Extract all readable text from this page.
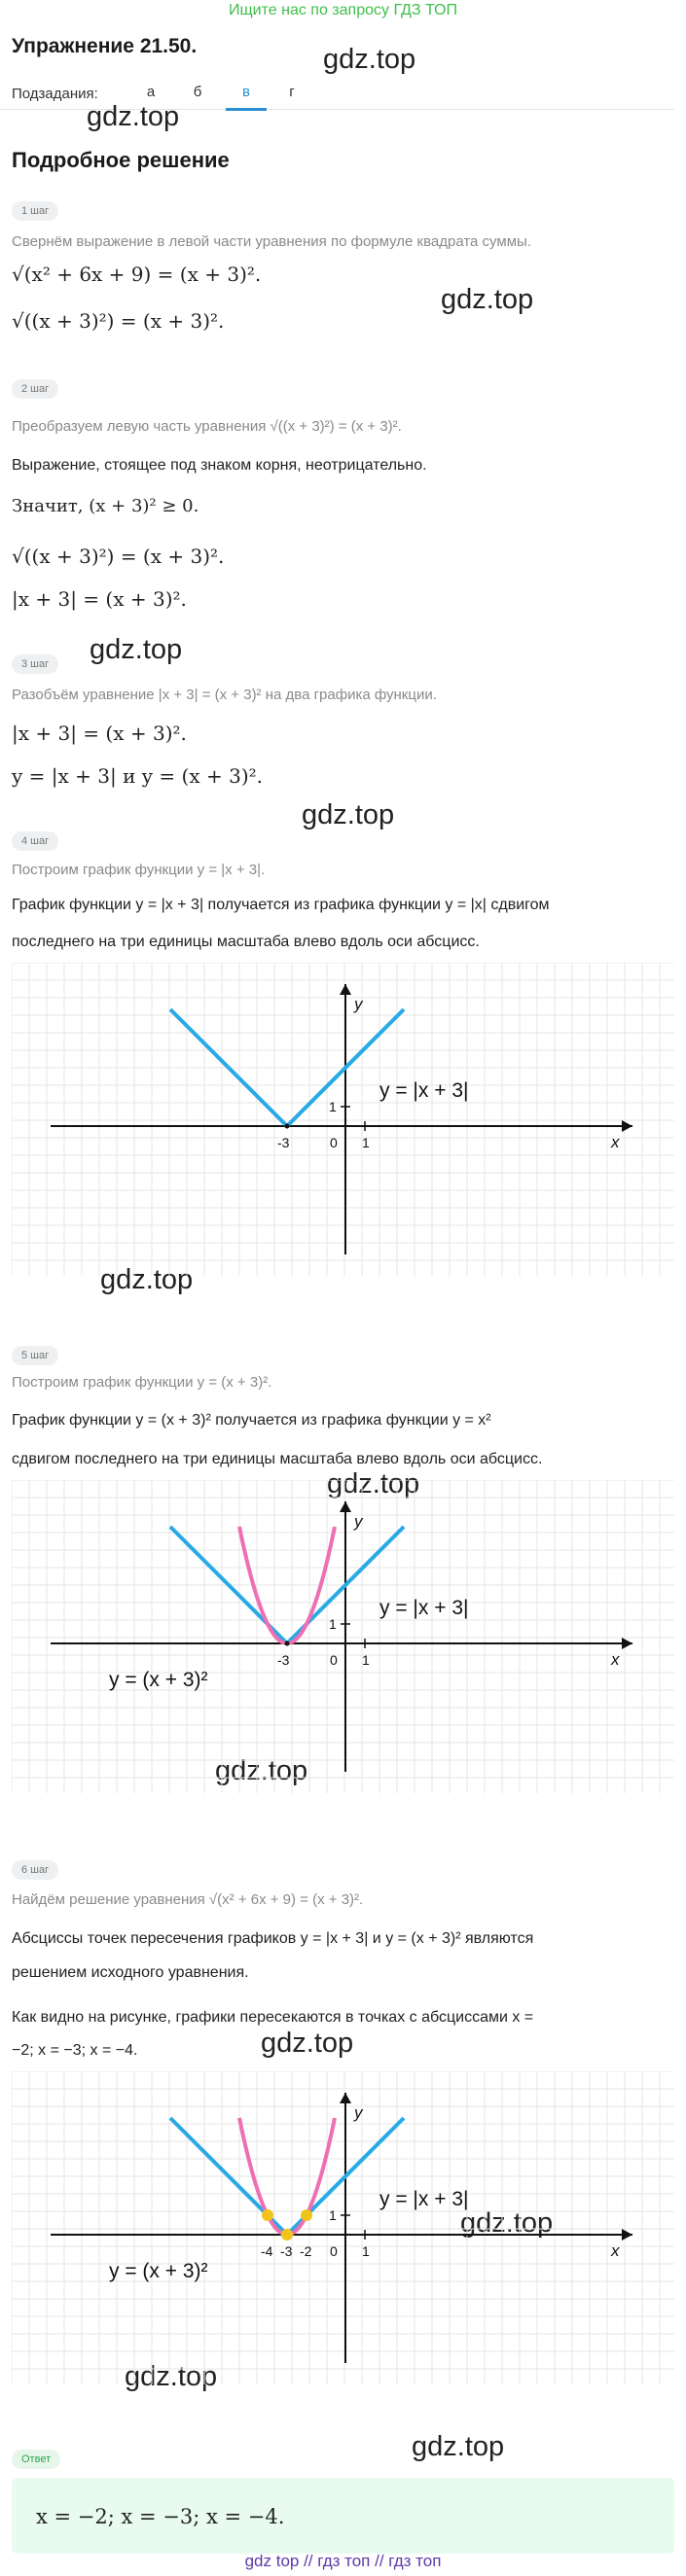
Ищите нас по запросу ГДЗ ТОП
Упражнение 21.50.
Подзадания:	а	б	в	г
Подробное решение
gdz.top
gdz.top
gdz.top
gdz.top
gdz.top
gdz.top
gdz.top
gdz.top
gdz.top
gdz.top
gdz.top
gdz.top
1 шаг
Свернём выражение в левой части уравнения по формуле квадрата суммы.
√(x² + 6x + 9) = (x + 3)².
√((x + 3)²) = (x + 3)².
2 шаг
Преобразуем левую часть уравнения √((x + 3)²) = (x + 3)².
Выражение, стоящее под знаком корня, неотрицательно.
Значит, (x + 3)² ≥ 0.
√((x + 3)²) = (x + 3)².
|x + 3| = (x + 3)².
3 шаг
Разобъём уравнение |x + 3| = (x + 3)² на два графика функции.
|x + 3| = (x + 3)².
y = |x + 3| и y = (x + 3)².
4 шаг
Построим график функции y = |x + 3|.
График функции y = |x + 3| получается из графика функции y = |x| сдвигом
последнего на три единицы масштаба влево вдоль оси абсцисс.
x
y
1
1
0
y = |x + 3|
-3
5 шаг
Построим график функции y = (x + 3)².
График функции y = (x + 3)² получается из графика функции y = x²
сдвигом последнего на три единицы масштаба влево вдоль оси абсцисс.
x
y
1
1
0
y = |x + 3|
y = (x + 3)²
-3
6 шаг
Найдём решение уравнения √(x² + 6x + 9) = (x + 3)².
Абсциссы точек пересечения графиков y = |x + 3| и y = (x + 3)² являются
решением исходного уравнения.
Как видно на рисунке, графики пересекаются в точках с абсциссами x =
−2; x = −3; x = −4.
x
y
1
1
0
y = |x + 3|
y = (x + 3)²
-4 -3 -2
Ответ
x = −2; x = −3; x = −4.
gdz top // гдз топ // гдз топ
